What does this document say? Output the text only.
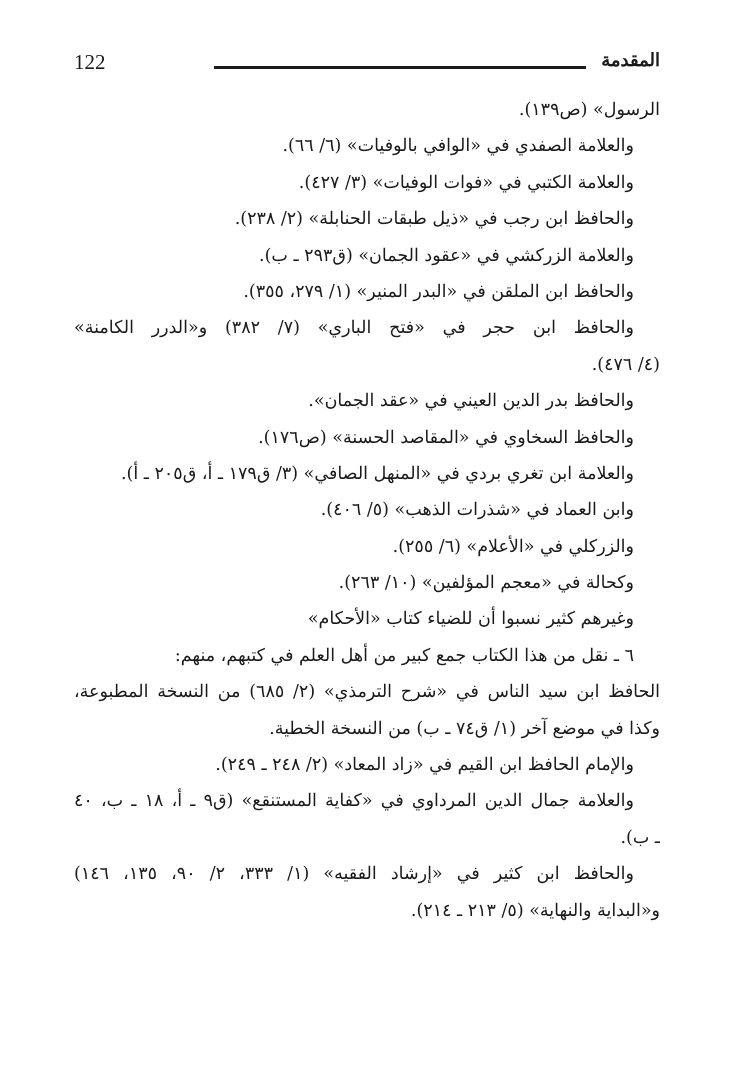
122	المقدمة
الرسول» (ص١٣٩).
والعلامة الصفدي في «الوافي بالوفيات» (٦/ ٦٦).
والعلامة الكتبي في «فوات الوفيات» (٣/ ٤٢٧).
والحافظ ابن رجب في «ذيل طبقات الحنابلة» (٢/ ٢٣٨).
والعلامة الزركشي في «عقود الجمان» (ق٢٩٣ ـ ب).
والحافظ ابن الملقن في «البدر المنير» (١/ ٢٧٩، ٣٥٥).
والحافظ ابن حجر في «فتح الباري» (٧/ ٣٨٢) و«الدرر الكامنة»
(٤/ ٤٧٦).
والحافظ بدر الدين العيني في «عقد الجمان».
والحافظ السخاوي في «المقاصد الحسنة» (ص١٧٦).
والعلامة ابن تغري بردي في «المنهل الصافي» (٣/ ق١٧٩ ـ أ، ق٢٠٥ ـ أ).
وابن العماد في «شذرات الذهب» (٥/ ٤٠٦).
والزركلي في «الأعلام» (٦/ ٢٥٥).
وكحالة في «معجم المؤلفين» (١٠/ ٢٦٣).
وغيرهم كثير نسبوا أن للضياء كتاب «الأحكام»
٦ ـ نقل من هذا الكتاب جمع كبير من أهل العلم في كتبهم، منهم:
الحافظ ابن سيد الناس في «شرح الترمذي» (٢/ ٦٨٥) من النسخة المطبوعة،
وكذا في موضع آخر (١/ ق٧٤ ـ ب) من النسخة الخطية.
والإمام الحافظ ابن القيم في «زاد المعاد» (٢/ ٢٤٨ ـ ٢٤٩).
والعلامة جمال الدين المرداوي في «كفاية المستنقع» (ق٩ ـ أ، ١٨ ـ ب، ٤٠
ـ ب).
والحافظ ابن كثير في «إرشاد الفقيه» (١/ ٣٣٣، ٢/ ٩٠، ١٣٥، ١٤٦)
و«البداية والنهاية» (٥/ ٢١٣ ـ ٢١٤).
